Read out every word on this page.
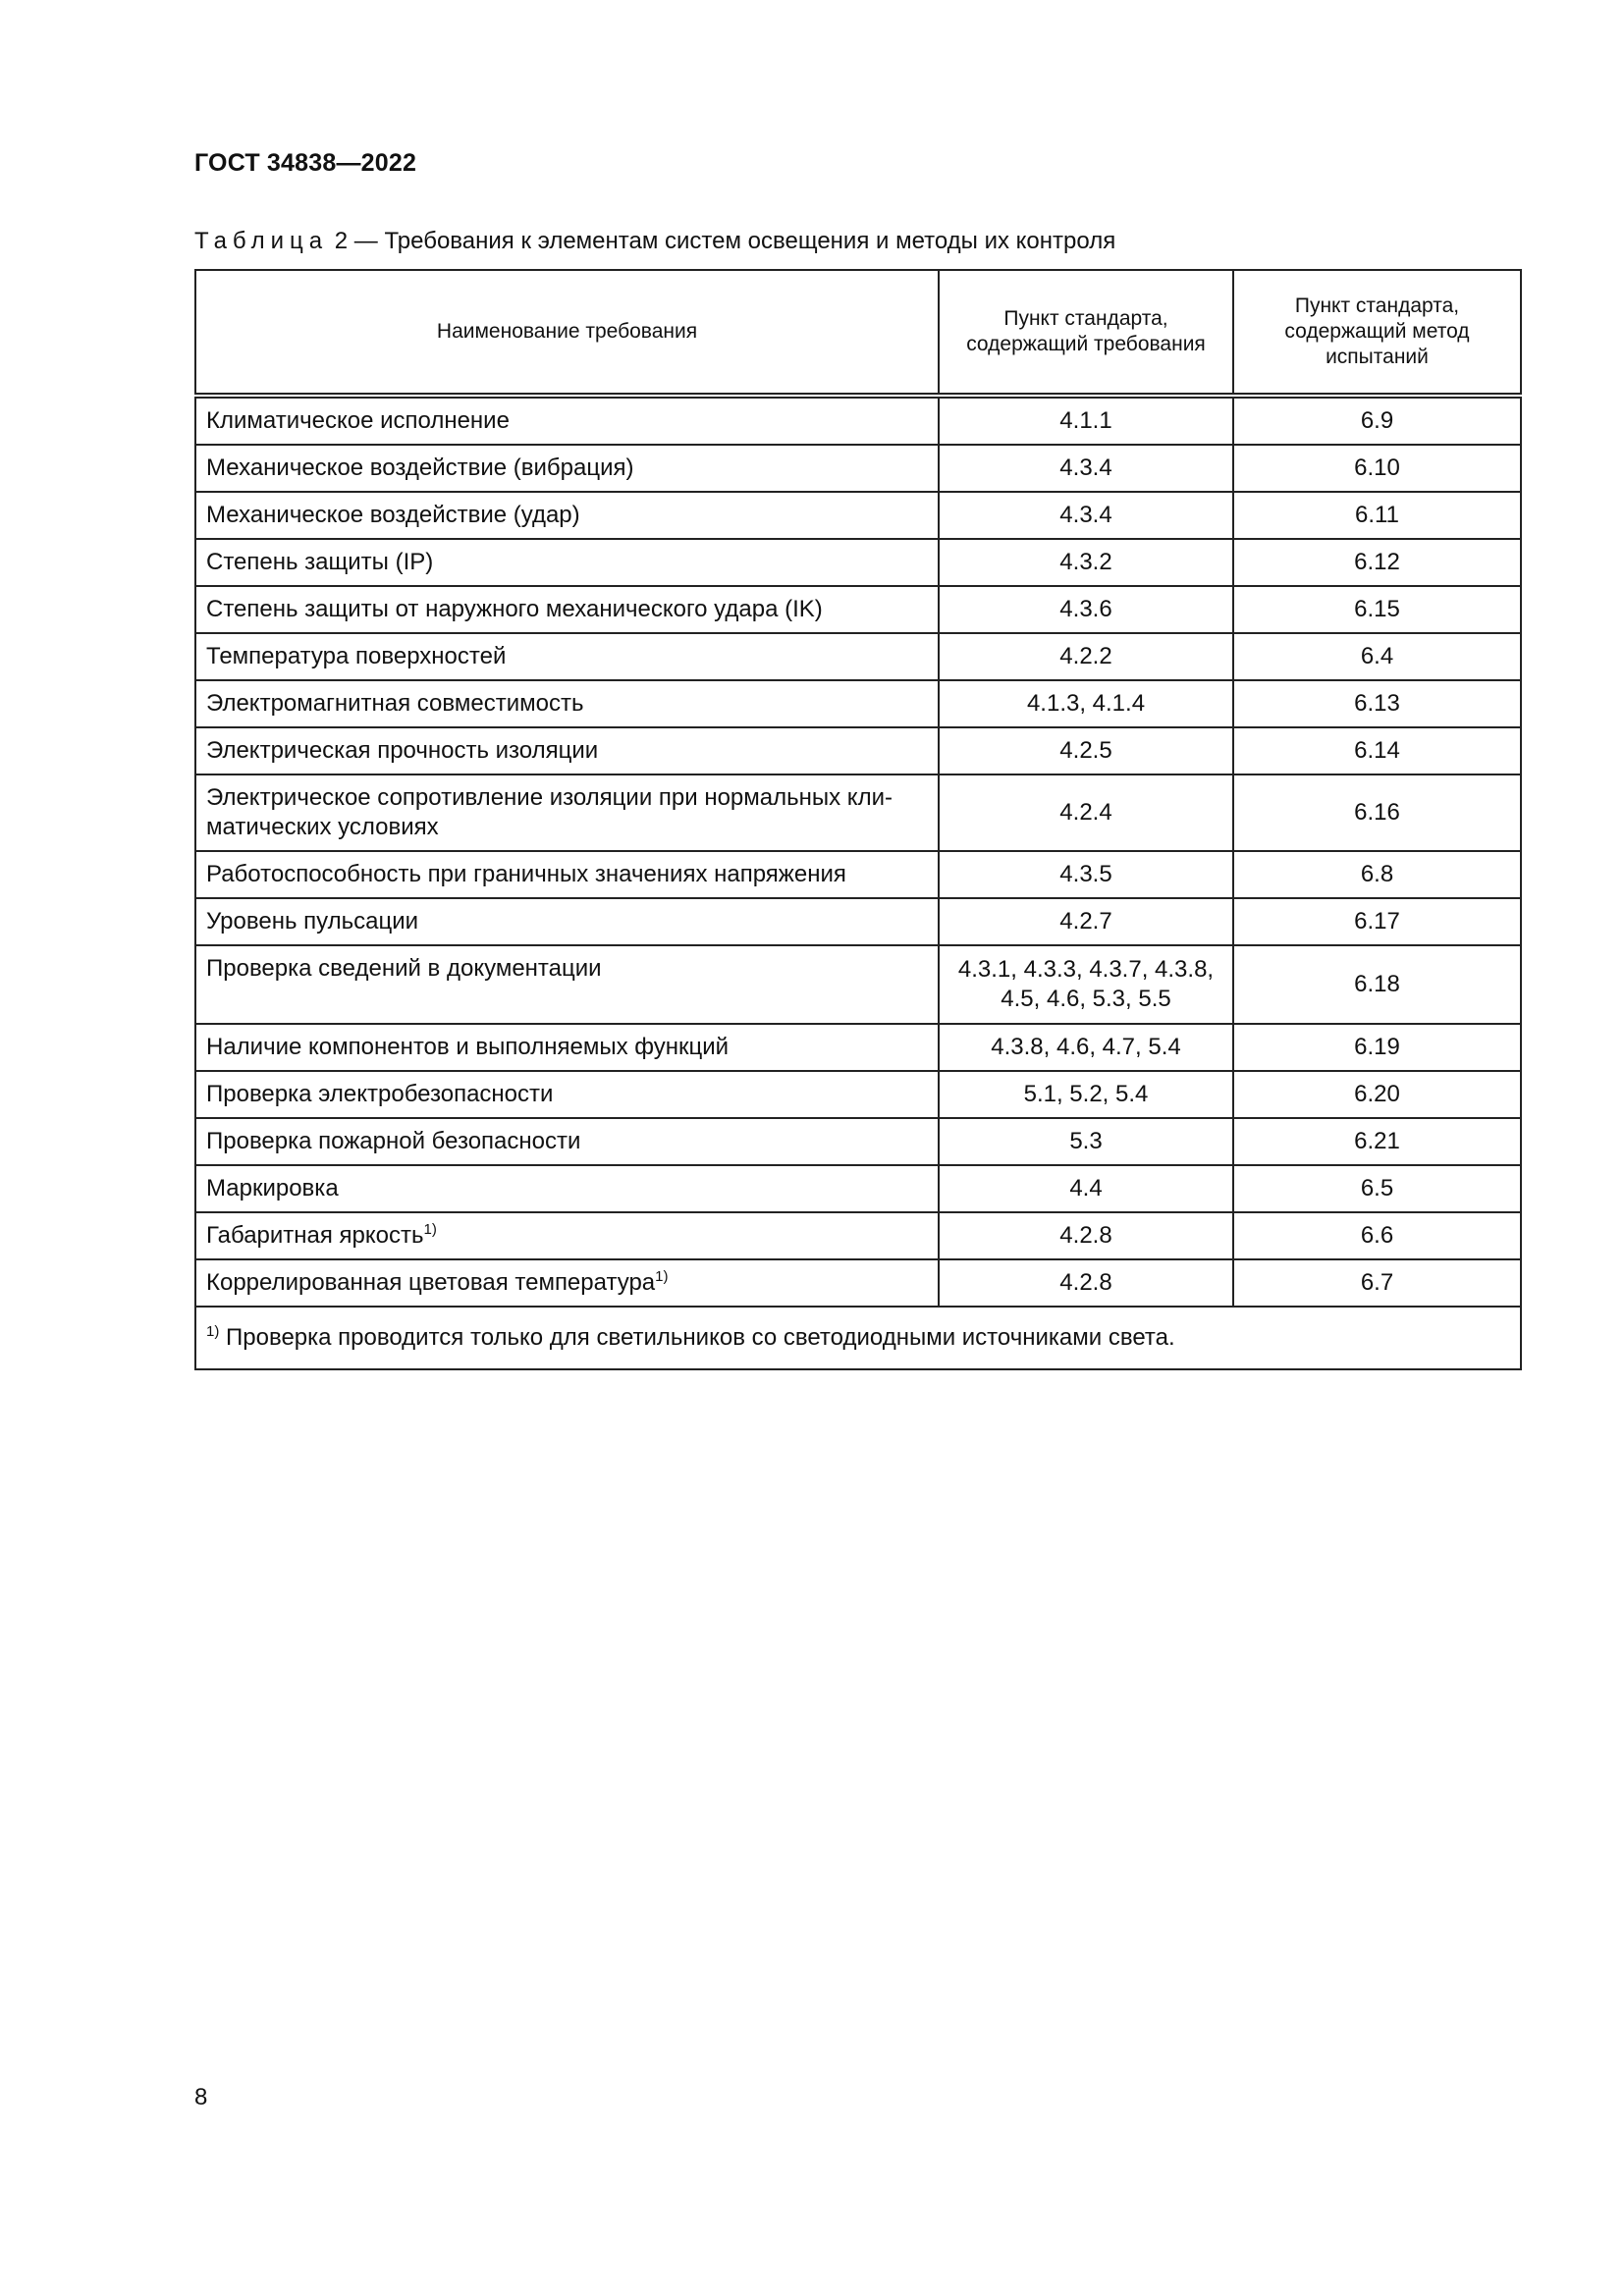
ГОСТ 34838—2022
Таблица 2 — Требования к элементам систем освещения и методы их контроля
Наименование требования	Пункт стандарта, содержащий требования	Пункт стандарта, содержащий метод испытаний
Климатическое исполнение	4.1.1	6.9
Механическое воздействие (вибрация)	4.3.4	6.10
Механическое воздействие (удар)	4.3.4	6.11
Степень защиты (IP)	4.3.2	6.12
Степень защиты от наружного механического удара (IK)	4.3.6	6.15
Температура поверхностей	4.2.2	6.4
Электромагнитная совместимость	4.1.3, 4.1.4	6.13
Электрическая прочность изоляции	4.2.5	6.14
Электрическое сопротивление изоляции при нормальных кли-матических условиях	4.2.4	6.16
Работоспособность при граничных значениях напряжения	4.3.5	6.8
Уровень пульсации	4.2.7	6.17
Проверка сведений в документации	4.3.1, 4.3.3, 4.3.7, 4.3.8, 4.5, 4.6, 5.3, 5.5	6.18
Наличие компонентов и выполняемых функций	4.3.8, 4.6, 4.7, 5.4	6.19
Проверка электробезопасности	5.1, 5.2, 5.4	6.20
Проверка пожарной безопасности	5.3	6.21
Маркировка	4.4	6.5
Габаритная яркость$^{1)}$	4.2.8	6.6
Коррелированная цветовая температура$^{1)}$	4.2.8	6.7
$^{1)}$ Проверка проводится только для светильников со светодиодными источниками света.		
8
